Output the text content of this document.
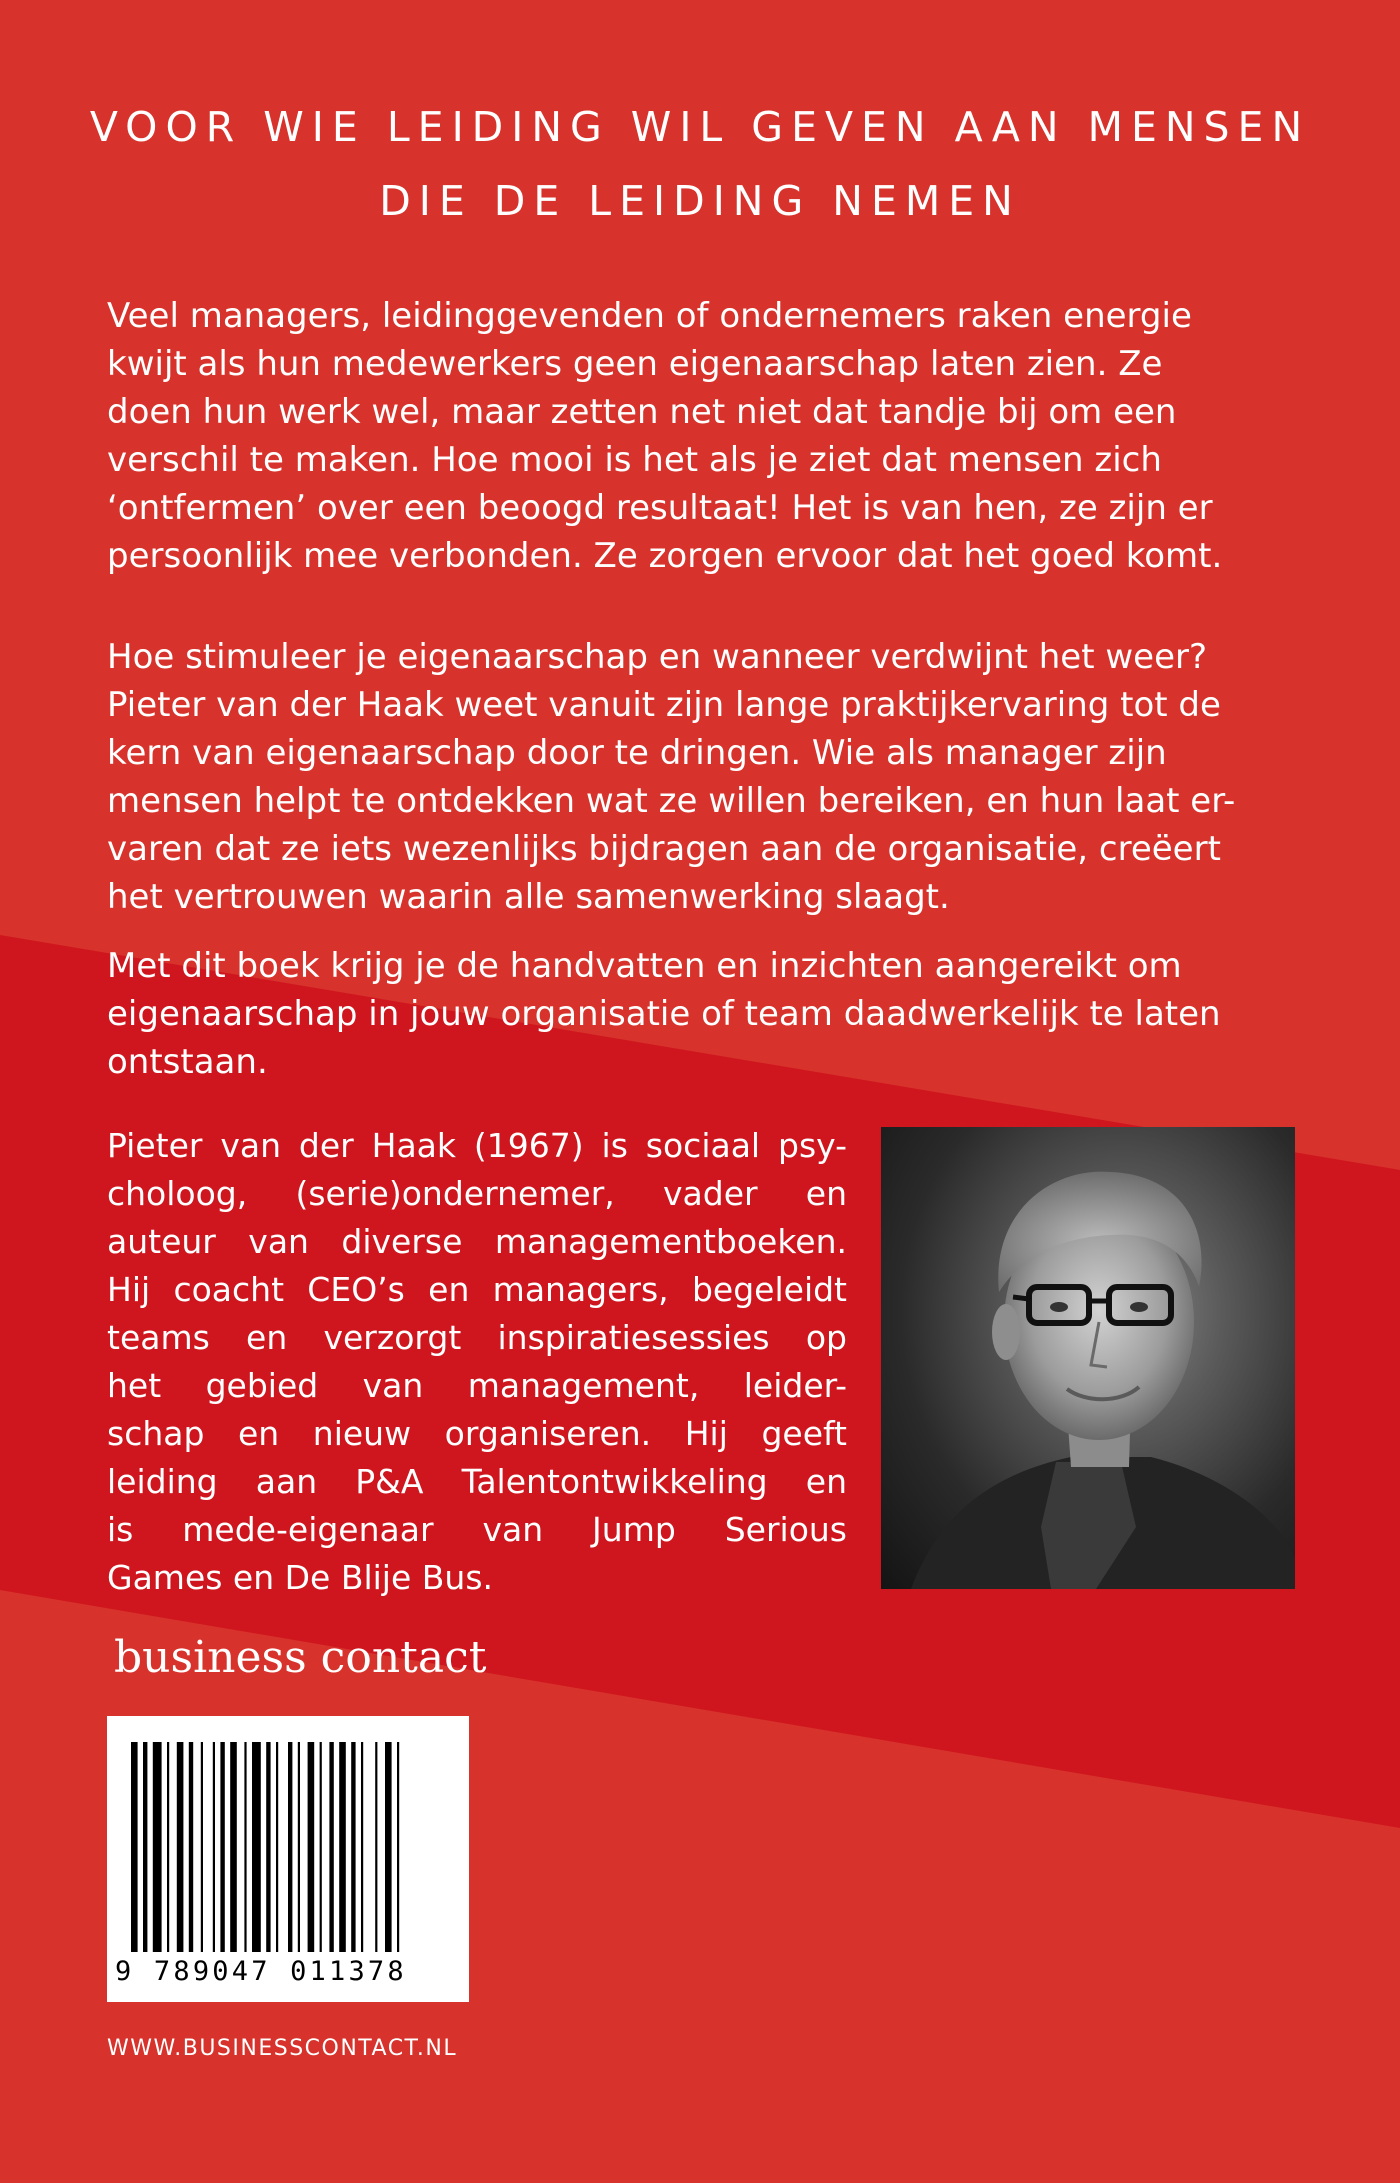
VOOR WIE LEIDING WIL GEVEN AAN MENSEN
DIE DE LEIDING NEMEN
Veel managers, leidinggevenden of ondernemers raken energie
kwijt als hun medewerkers geen eigenaarschap laten zien. Ze
doen hun werk wel, maar zetten net niet dat tandje bij om een
verschil te maken. Hoe mooi is het als je ziet dat mensen zich
‘ontfermen’ over een beoogd resultaat! Het is van hen, ze zijn er
persoonlijk mee verbonden. Ze zorgen ervoor dat het goed komt.
Hoe stimuleer je eigenaarschap en wanneer verdwijnt het weer?
Pieter van der Haak weet vanuit zijn lange praktijkervaring tot de
kern van eigenaarschap door te dringen. Wie als manager zijn
mensen helpt te ontdekken wat ze willen bereiken, en hun laat er-
varen dat ze iets wezenlijks bijdragen aan de organisatie, creëert
het vertrouwen waarin alle samenwerking slaagt.
Met dit boek krijg je de handvatten en inzichten aangereikt om
eigenaarschap in jouw organisatie of team daadwerkelijk te laten
ontstaan.
Pieter van der Haak (1967) is sociaal psy-
choloog, (serie)ondernemer, vader en
auteur van diverse managementboeken.
Hij coacht CEO’s en managers, begeleidt
teams en verzorgt inspiratiesessies op
het gebied van management, leider-
schap en nieuw organiseren. Hij geeft
leiding aan P&A Talentontwikkeling en
is mede-eigenaar van Jump Serious
Games en De Blije Bus.
business contact
9 789047 011378
WWW.BUSINESSCONTACT.NL
